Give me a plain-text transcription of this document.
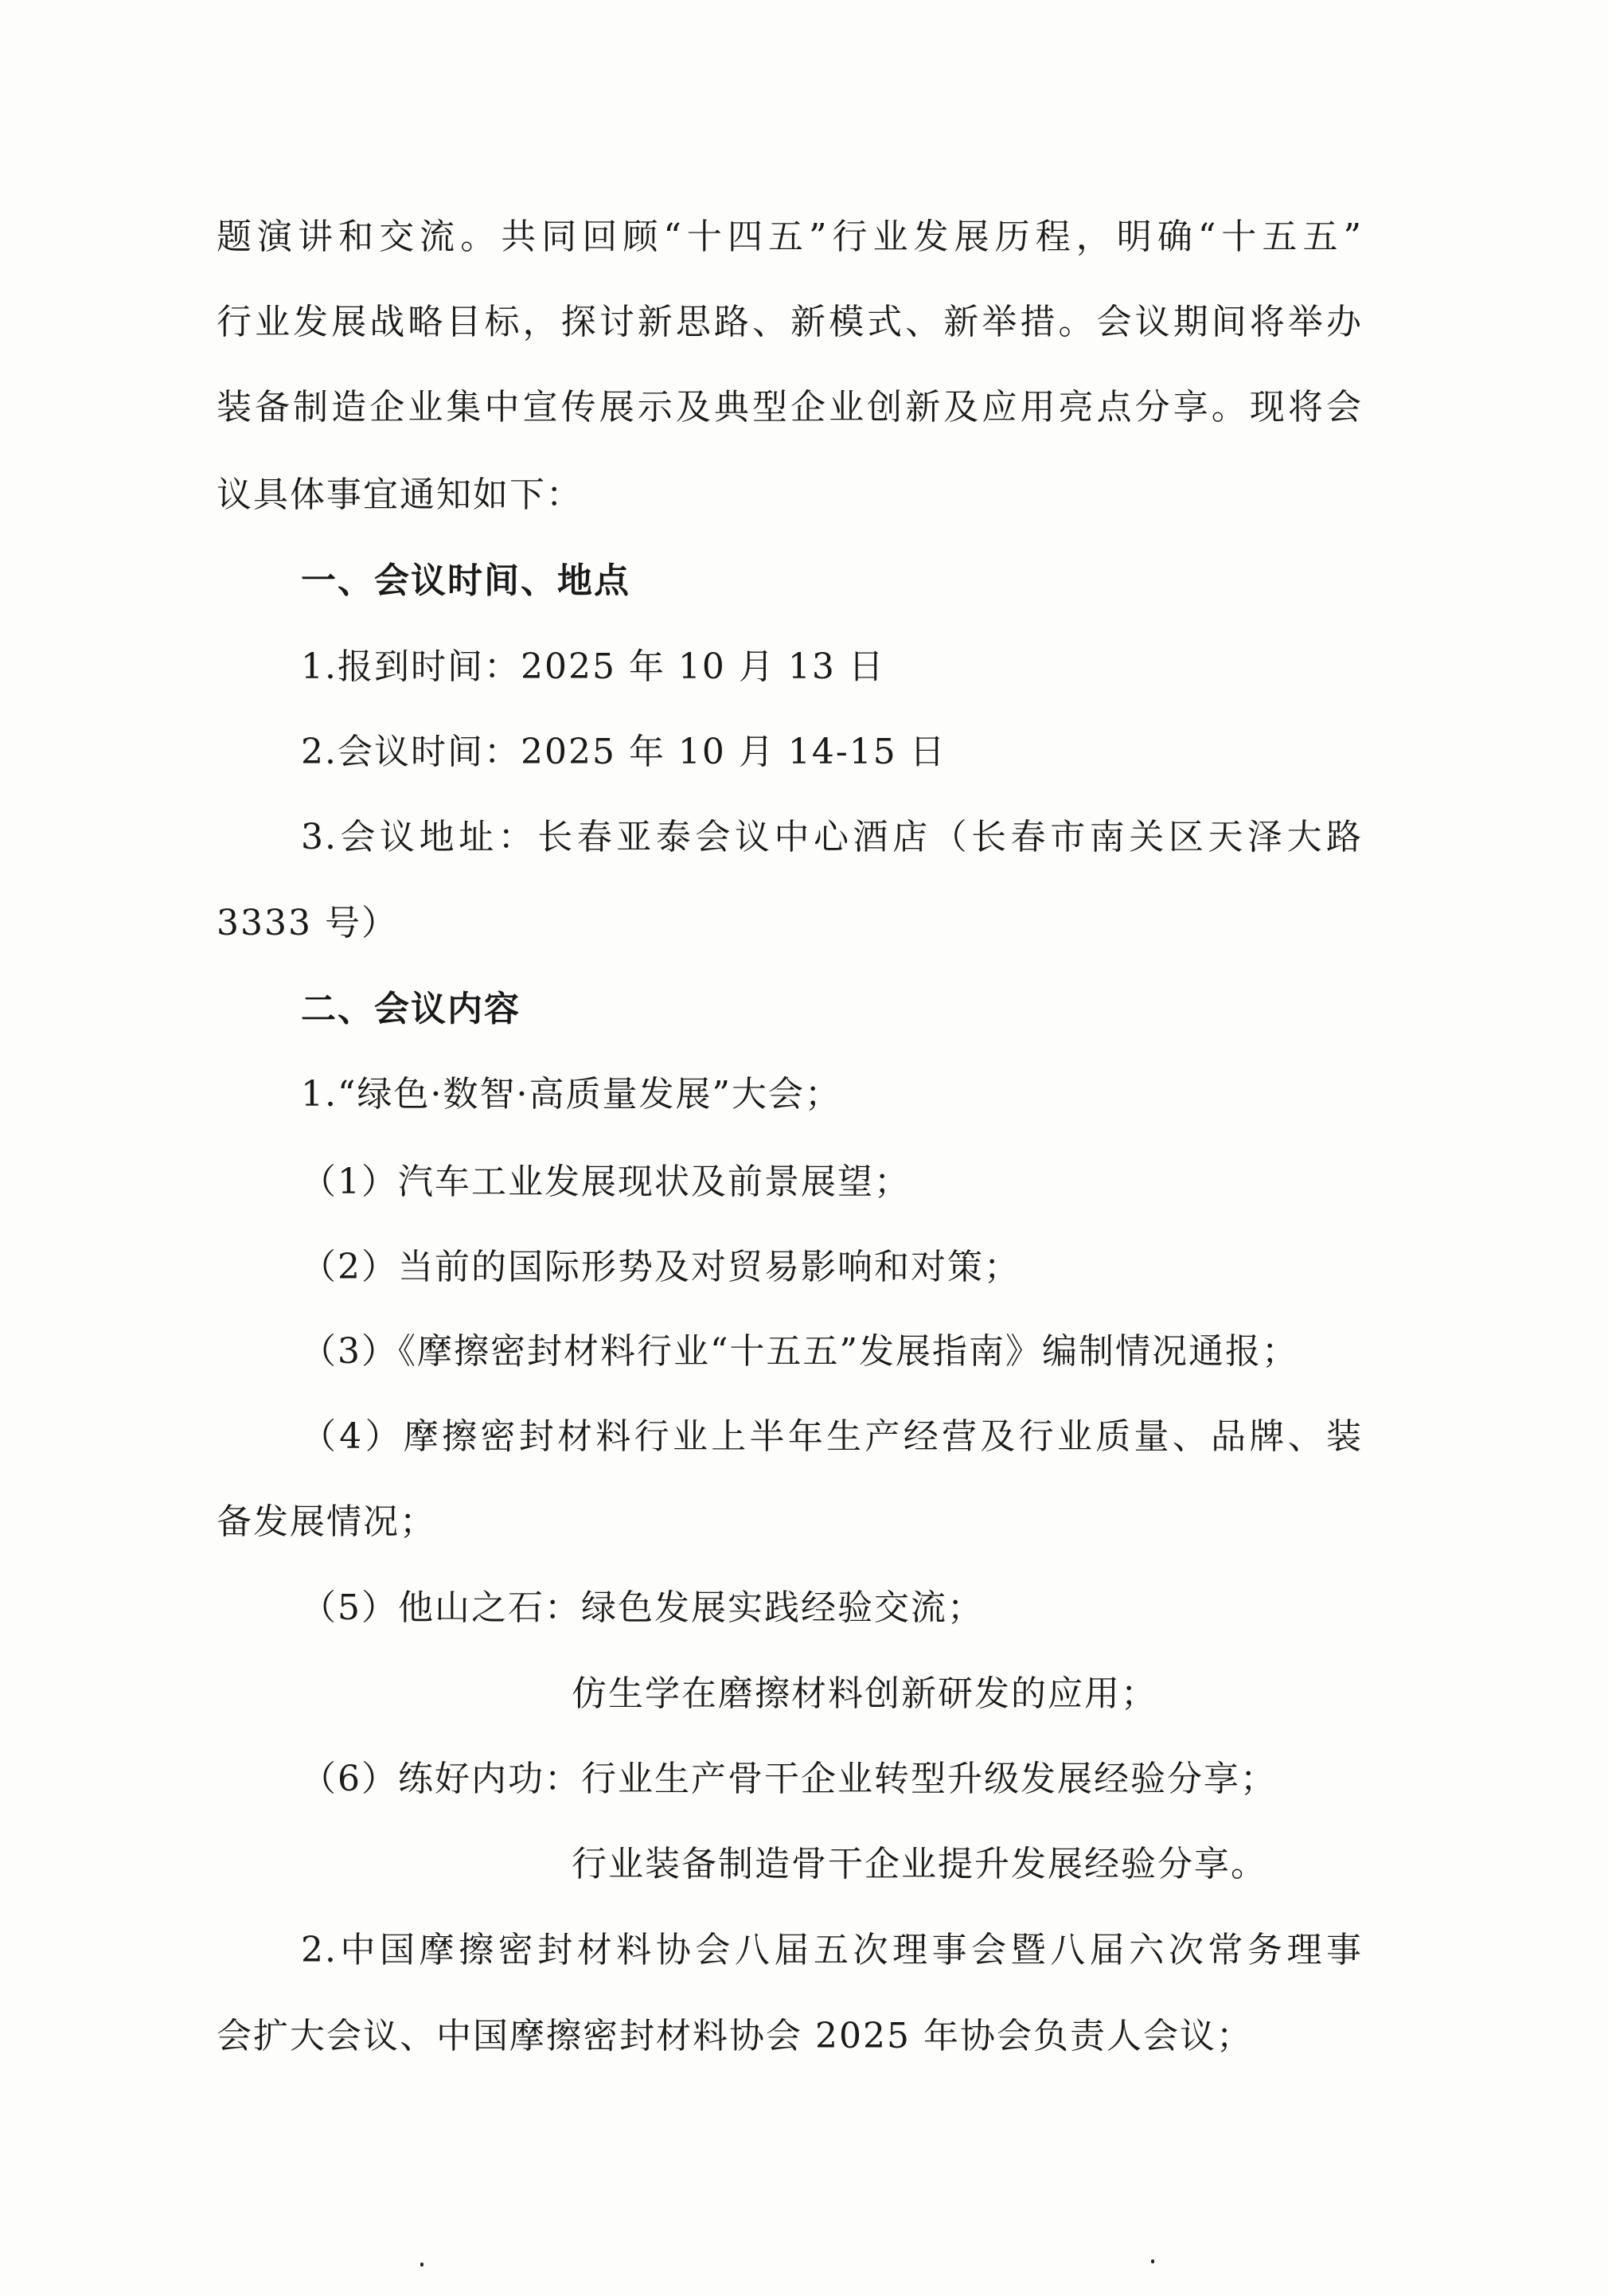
题演讲和交流。共同回顾“十四五”行业发展历程，明确“十五五”
行业发展战略目标，探讨新思路、新模式、新举措。会议期间将举办
装备制造企业集中宣传展示及典型企业创新及应用亮点分享。现将会
议具体事宜通知如下：
一、会议时间、地点
1.报到时间：2025 年 10 月 13 日
2.会议时间：2025 年 10 月 14-15 日
3.会议地址：长春亚泰会议中心酒店（长春市南关区天泽大路
3333 号）
二、会议内容
1.“绿色·数智·高质量发展”大会；
（1）汽车工业发展现状及前景展望；
（2）当前的国际形势及对贸易影响和对策；
（3）《摩擦密封材料行业“十五五”发展指南》编制情况通报；
（4）摩擦密封材料行业上半年生产经营及行业质量、品牌、装
备发展情况；
（5）他山之石：绿色发展实践经验交流；
仿生学在磨擦材料创新研发的应用；
（6）练好内功：行业生产骨干企业转型升级发展经验分享；
行业装备制造骨干企业提升发展经验分享。
2.中国摩擦密封材料协会八届五次理事会暨八届六次常务理事
会扩大会议、中国摩擦密封材料协会 2025 年协会负责人会议；
